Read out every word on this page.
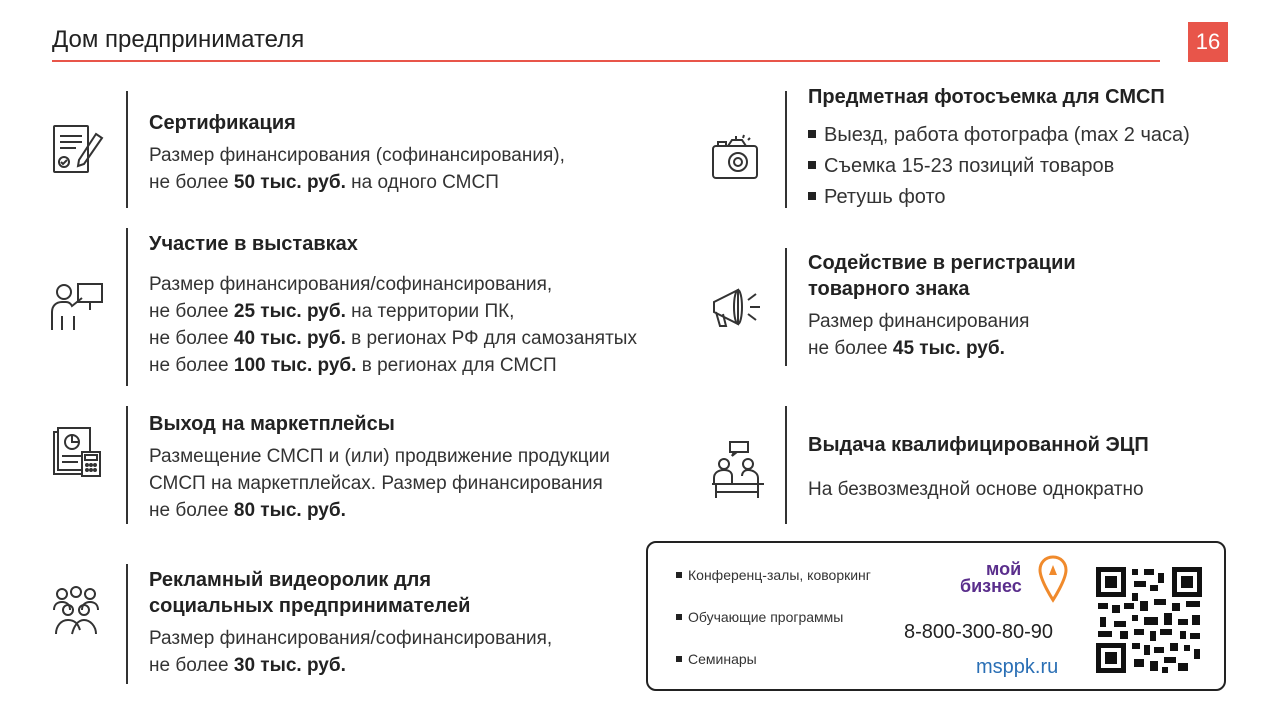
Дом предпринимателя	16
Сертификация
Размер финансирования (софинансирования),
не более 50 тыс. руб. на одного СМСП
Участие в выставках
Размер финансирования/софинансирования,
не более 25 тыс. руб. на территории ПК,
не более 40 тыс. руб. в регионах РФ для самозанятых
не более 100 тыс. руб. в регионах для СМСП
Выход на маркетплейсы
Размещение СМСП и (или) продвижение продукции
СМСП на маркетплейсах. Размер финансирования
не более 80 тыс. руб.
Рекламный видеоролик для
социальных предпринимателей
Размер финансирования/софинансирования,
не более 30 тыс. руб.
Предметная фотосъемка для СМСП
Выезд, работа фотографа (max 2 часа)
Съемка 15-23 позиций товаров
Ретушь фото
Содействие в регистрации
товарного знака
Размер финансирования
не более 45 тыс. руб.
Выдача квалифицированной ЭЦП
На безвозмездной основе однократно
Конференц-залы, коворкинг
Обучающие программы
Семинары
мой
бизнес
8-800-300-80-90
msppk.ru
